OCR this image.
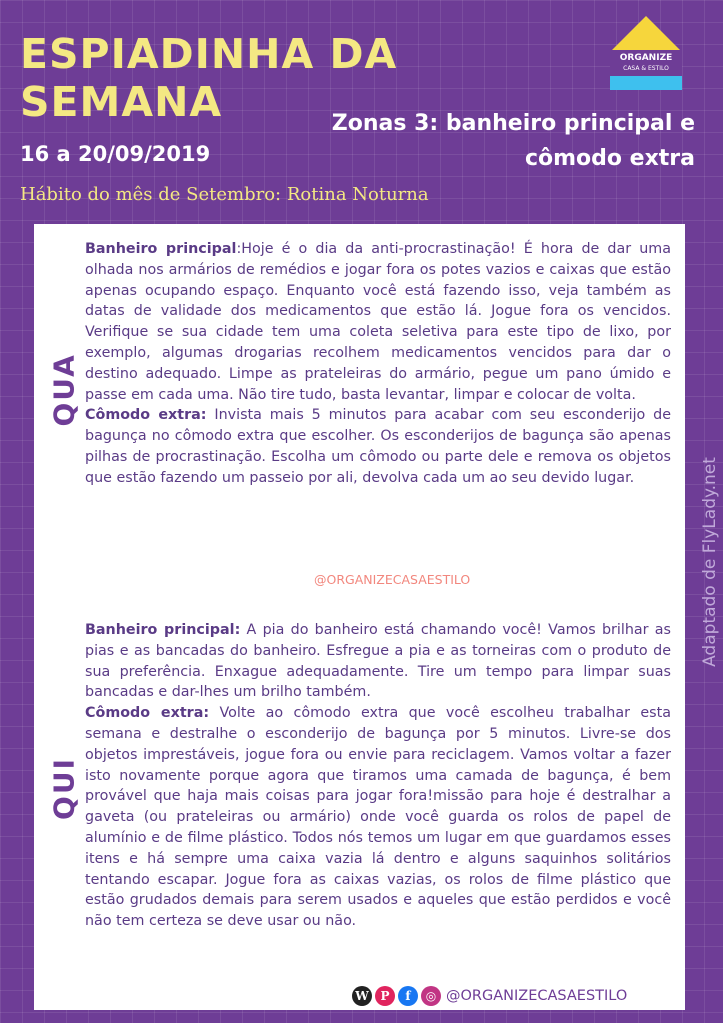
ESPIADINHA DA
SEMANA
16 a 20/09/2019
Zonas 3: banheiro principal e
cômodo extra
Hábito do mês de Setembro: Rotina Noturna
ORGANIZE
CASA & ESTILO
QUA

Banheiro principal:Hoje é o dia da anti-procrastinação! É hora de dar uma olhada nos armários de remédios e jogar fora os potes vazios e caixas que estão apenas ocupando espaço. Enquanto você está fazendo isso, veja também as datas de validade dos medicamentos que estão lá. Jogue fora os vencidos. Verifique se sua cidade tem uma coleta seletiva para este tipo de lixo, por exemplo, algumas drogarias recolhem medicamentos vencidos para dar o destino adequado. Limpe as prateleiras do armário, pegue um pano úmido e passe em cada uma. Não tire tudo, basta levantar, limpar e colocar de volta.
Cômodo extra: Invista mais 5 minutos para acabar com seu esconderijo de bagunça no cômodo extra que escolher. Os esconderijos de bagunça são apenas pilhas de procrastinação. Escolha um cômodo ou parte dele e remova os objetos que estão fazendo um passeio por ali, devolva cada um ao seu devido lugar.

@ORGANIZECASAESTILO
QUI

Banheiro principal: A pia do banheiro está chamando você! Vamos brilhar as pias e as bancadas do banheiro. Esfregue a pia e as torneiras com o produto de sua preferência. Enxague adequadamente. Tire um tempo para limpar suas bancadas e dar-lhes um brilho também.
Cômodo extra: Volte ao cômodo extra que você escolheu trabalhar esta semana e destralhe o esconderijo de bagunça por 5 minutos. Livre-se dos objetos imprestáveis, jogue fora ou envie para reciclagem. Vamos voltar a fazer isto novamente porque agora que tiramos uma camada de bagunça, é bem provável que haja mais coisas para jogar fora!missão para hoje é destralhar a gaveta (ou prateleiras ou armário) onde você guarda os rolos de papel de alumínio e de filme plástico. Todos nós temos um lugar em que guardamos esses itens e há sempre uma caixa vazia lá dentro e alguns saquinhos solitários tentando escapar. Jogue fora as caixas vazias, os rolos de filme plástico que estão grudados demais para serem usados e aqueles que estão perdidos e você não tem certeza se deve usar ou não.

W P	f	◎ @ORGANIZECASAESTILO
Adaptado de FlyLady.net
